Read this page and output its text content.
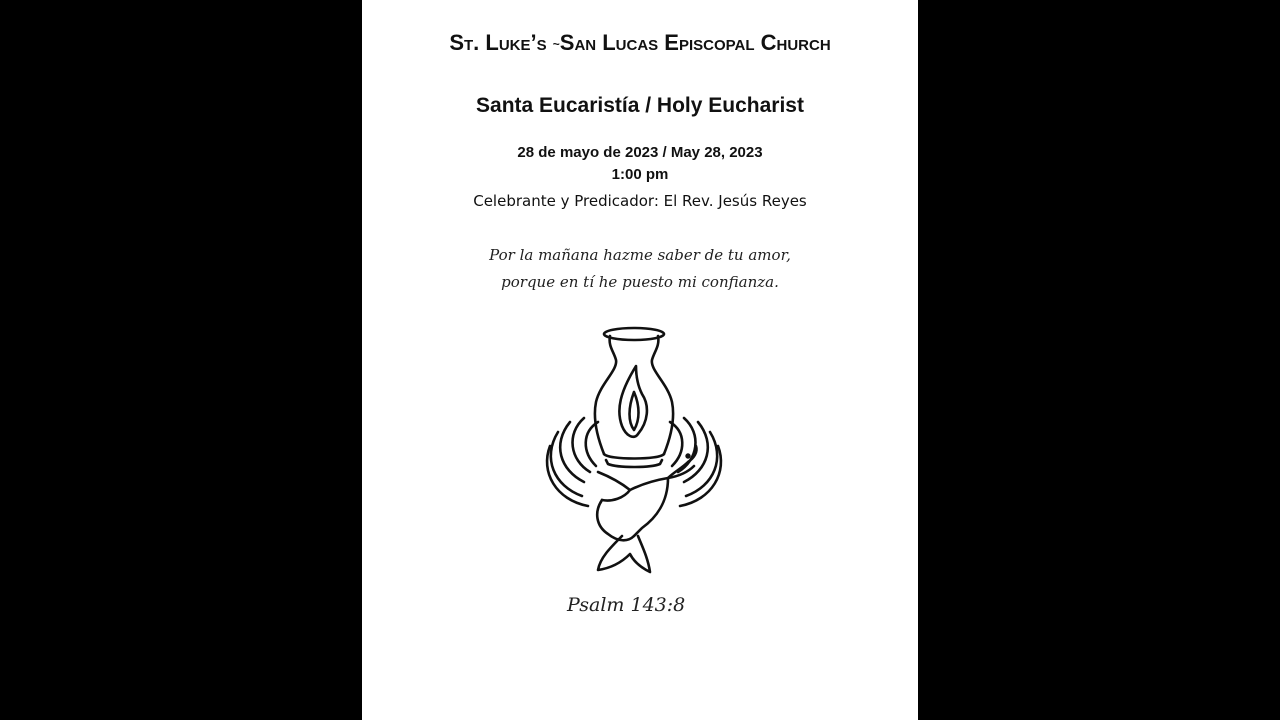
St. Luke’s ~San Lucas Episcopal Church
Santa Eucaristía / Holy Eucharist
28 de mayo de 2023 / May 28, 2023
1:00 pm
Celebrante y Predicador: El Rev. Jesús Reyes
Por la mañana hazme saber de tu amor,
porque en tí he puesto mi confianza.
Psalm 143:8
